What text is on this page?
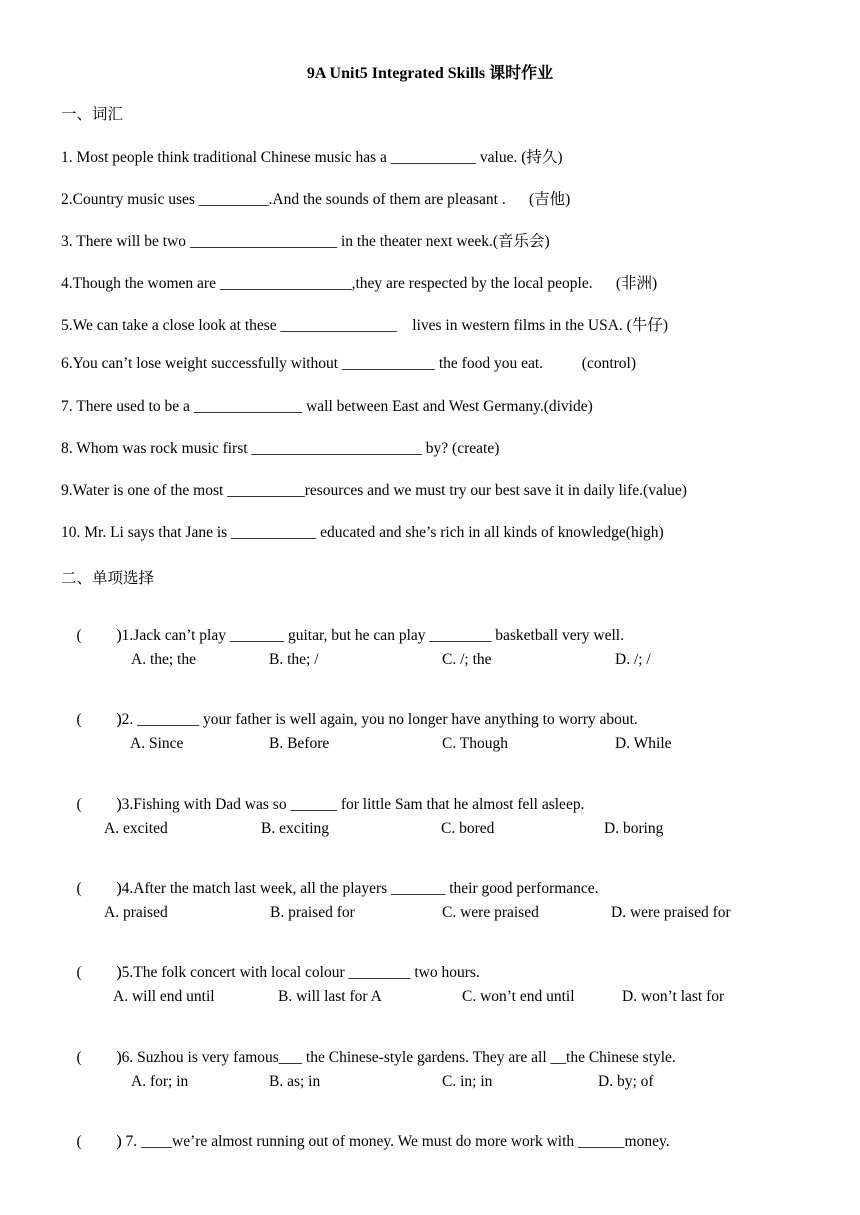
9A Unit5 Integrated Skills 课时作业
一、词汇
1. Most people think traditional Chinese music has a ___________ value. (持久)
2.Country music uses _________.And the sounds of them are pleasant .      (吉他)
3. There will be two ___________________ in the theater next week.(音乐会)
4.Though the women are _________________,they are respected by the local people.      (非洲)
5.We can take a close look at these _______________    lives in western films in the USA. (牛仔)
6.You can’t lose weight successfully without ____________ the food you eat.          (control)
7. There used to be a ______________ wall between East and West Germany.(divide)
8. Whom was rock music first ______________________ by? (create)
9.Water is one of the most __________resources and we must try our best save it in daily life.(value)
10. Mr. Li says that Jane is ___________ educated and she’s rich in all kinds of knowledge(high)
二、单项选择

(         ))1.Jack can’t play _______ guitar, but he can play ________ basketball very well.

A. the; the	B. the; /	C. /; the	D. /; /

(         ))2. ________ your father is well again, you no longer have anything to worry about.

A. Since	B. Before	C. Though	D. While

(         ))3.Fishing with Dad was so ______ for little Sam that he almost fell asleep.

A. excited	B. exciting	C. bored	D. boring

(         ))4.After the match last week, all the players _______ their good performance.

A. praised	B. praised for	C. were praised	D. were praised for

(         ))5.The folk concert with local colour ________ two hours.

A. will end until	B. will last for A	C. won’t end until	D. won’t last for

(         ))6. Suzhou is very famous___ the Chinese-style gardens. They are all __the Chinese style.

A. for; in	B. as; in	C. in; in	D. by; of

(         )) 7. ____we’re almost running out of money. We must do more work with ______money.
